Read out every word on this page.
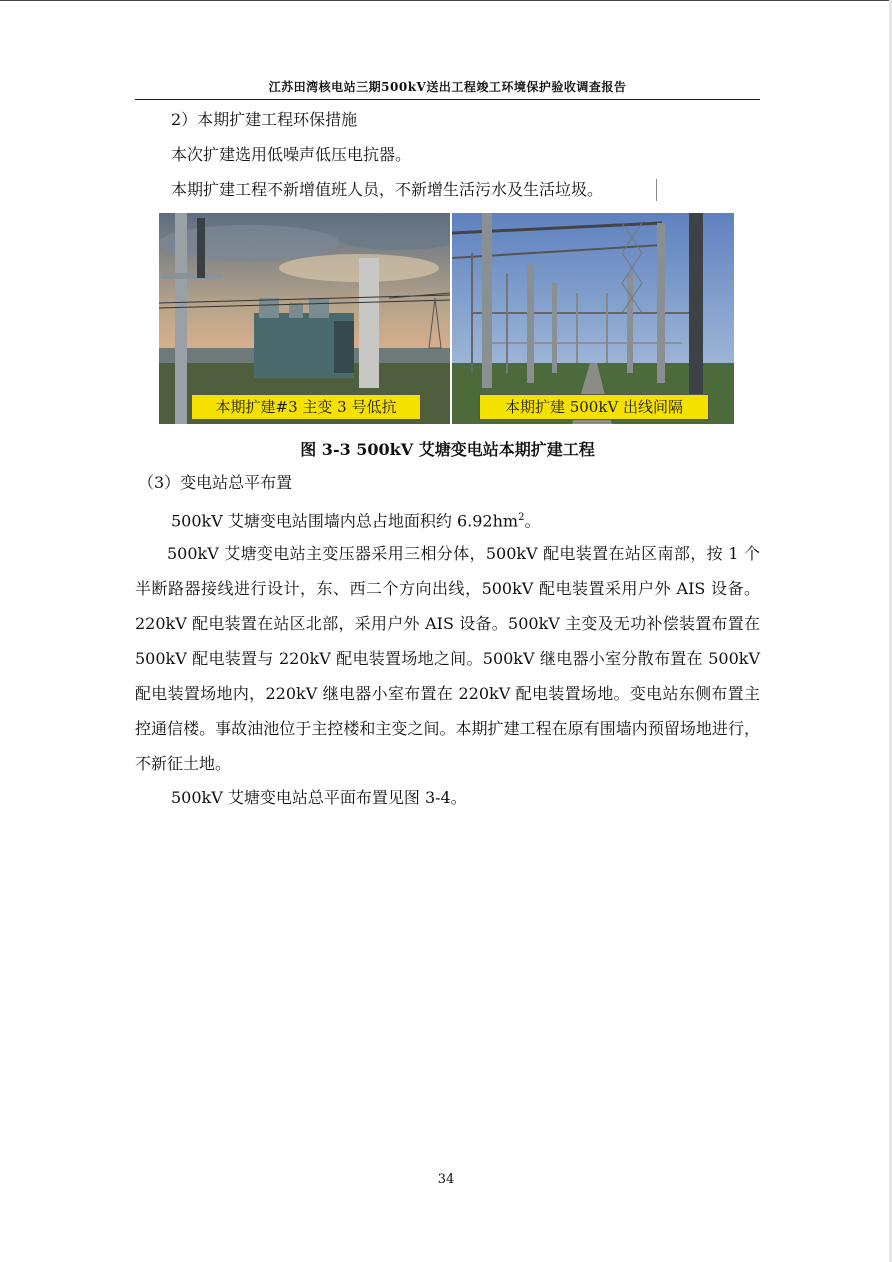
江苏田湾核电站三期500kV送出工程竣工环境保护验收调查报告
2）本期扩建工程环保措施
本次扩建选用低噪声低压电抗器。
本期扩建工程不新增值班人员，不新增生活污水及生活垃圾。
本期扩建#3 主变 3 号低抗	本期扩建 500kV 出线间隔
图 3-3 500kV 艾塘变电站本期扩建工程
（3）变电站总平布置
500kV 艾塘变电站围墙内总占地面积约 $6.92hm^2$。
500kV 艾塘变电站主变压器采用三相分体，500kV 配电装置在站区南部，按 1 个半断路器接线进行设计，东、西二个方向出线，500kV 配电装置采用户外 AIS 设备。220kV 配电装置在站区北部，采用户外 AIS 设备。500kV 主变及无功补偿装置布置在 500kV 配电装置与 220kV 配电装置场地之间。500kV 继电器小室分散布置在 500kV 配电装置场地内，220kV 继电器小室布置在 220kV 配电装置场地。变电站东侧布置主控通信楼。事故油池位于主控楼和主变之间。本期扩建工程在原有围墙内预留场地进行，不新征土地。
500kV 艾塘变电站总平面布置见图 3-4。
34
